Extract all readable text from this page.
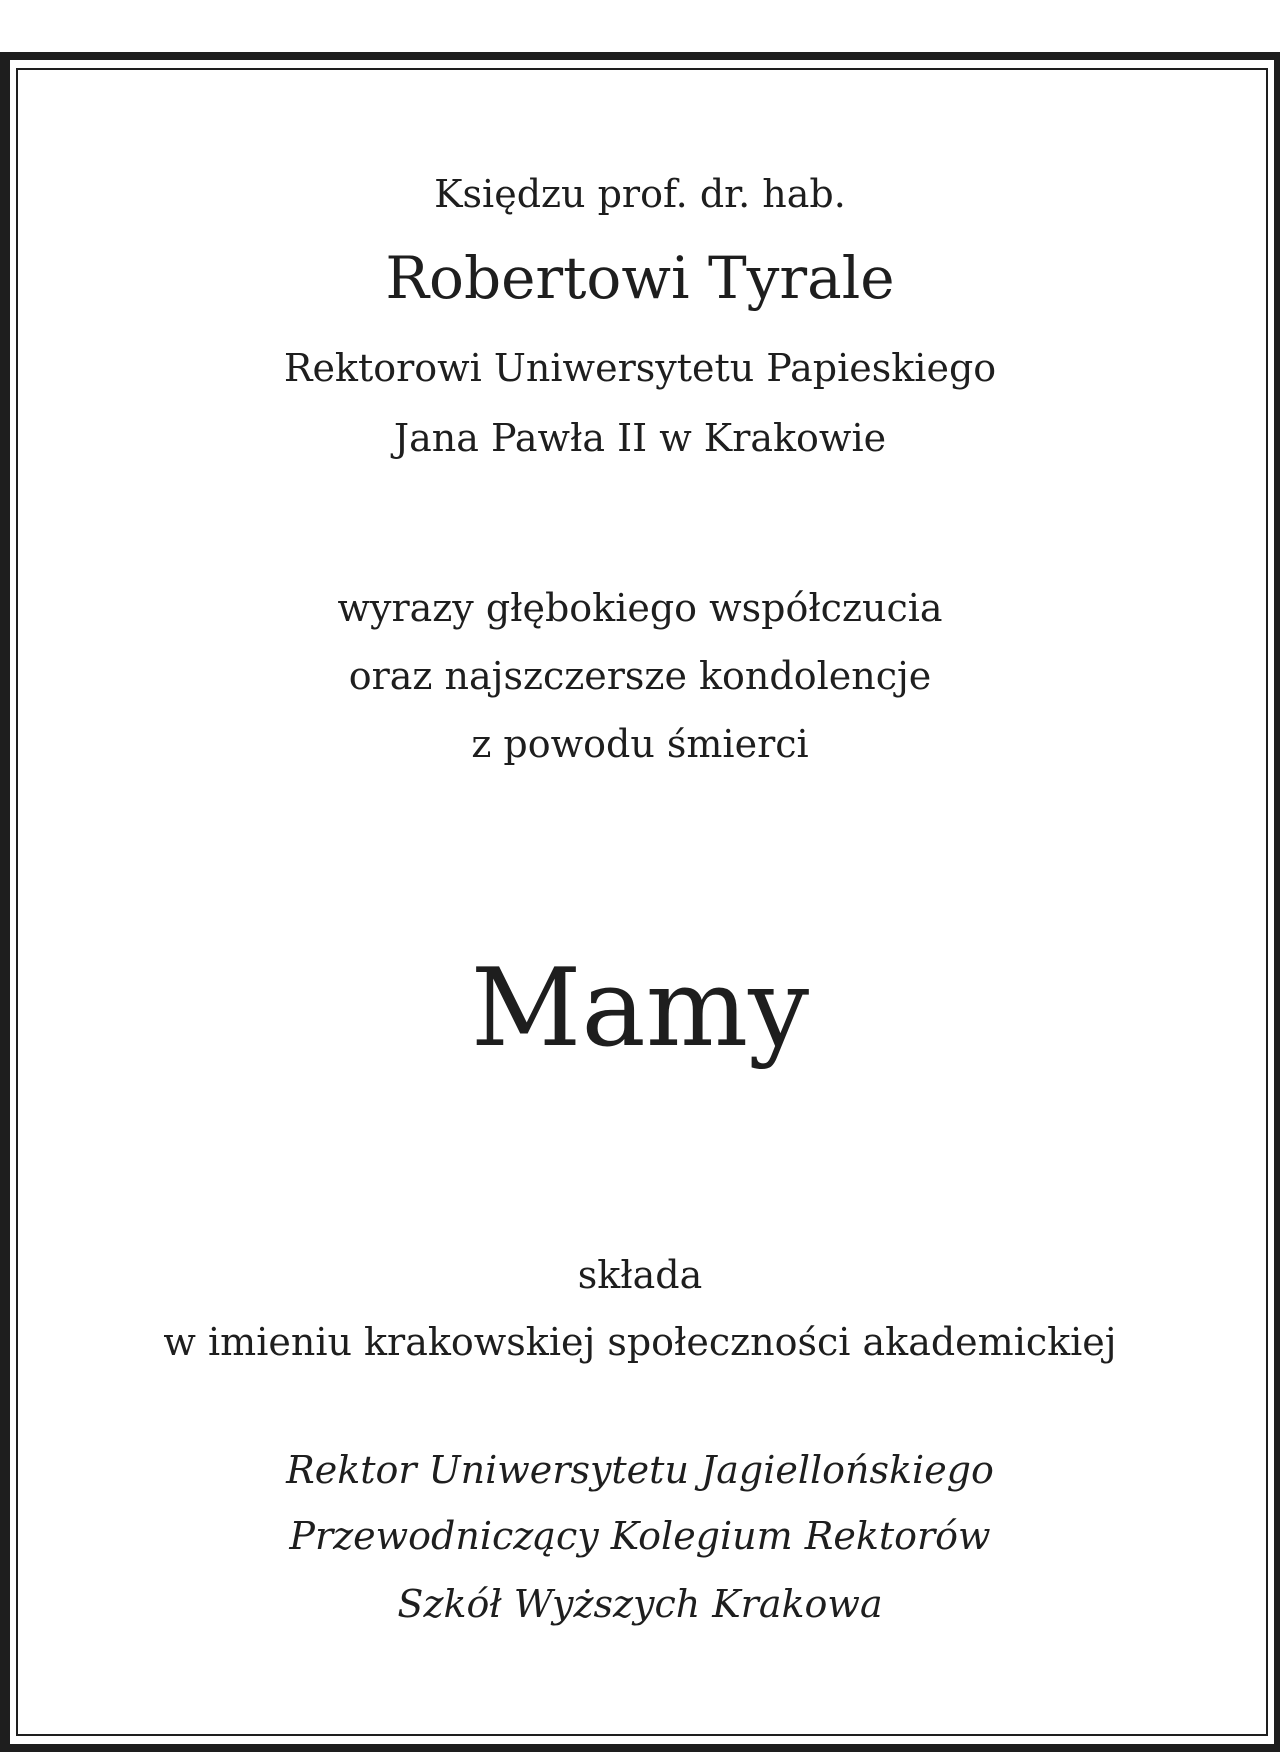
Księdzu prof. dr. hab.
Robertowi Tyrale
Rektorowi Uniwersytetu Papieskiego
Jana Pawła II w Krakowie
wyrazy głębokiego współczucia
oraz najszczersze kondolencje
z powodu śmierci
Mamy
składa
w imieniu krakowskiej społeczności akademickiej
Rektor Uniwersytetu Jagiellońskiego
Przewodniczący Kolegium Rektorów
Szkół Wyższych Krakowa
